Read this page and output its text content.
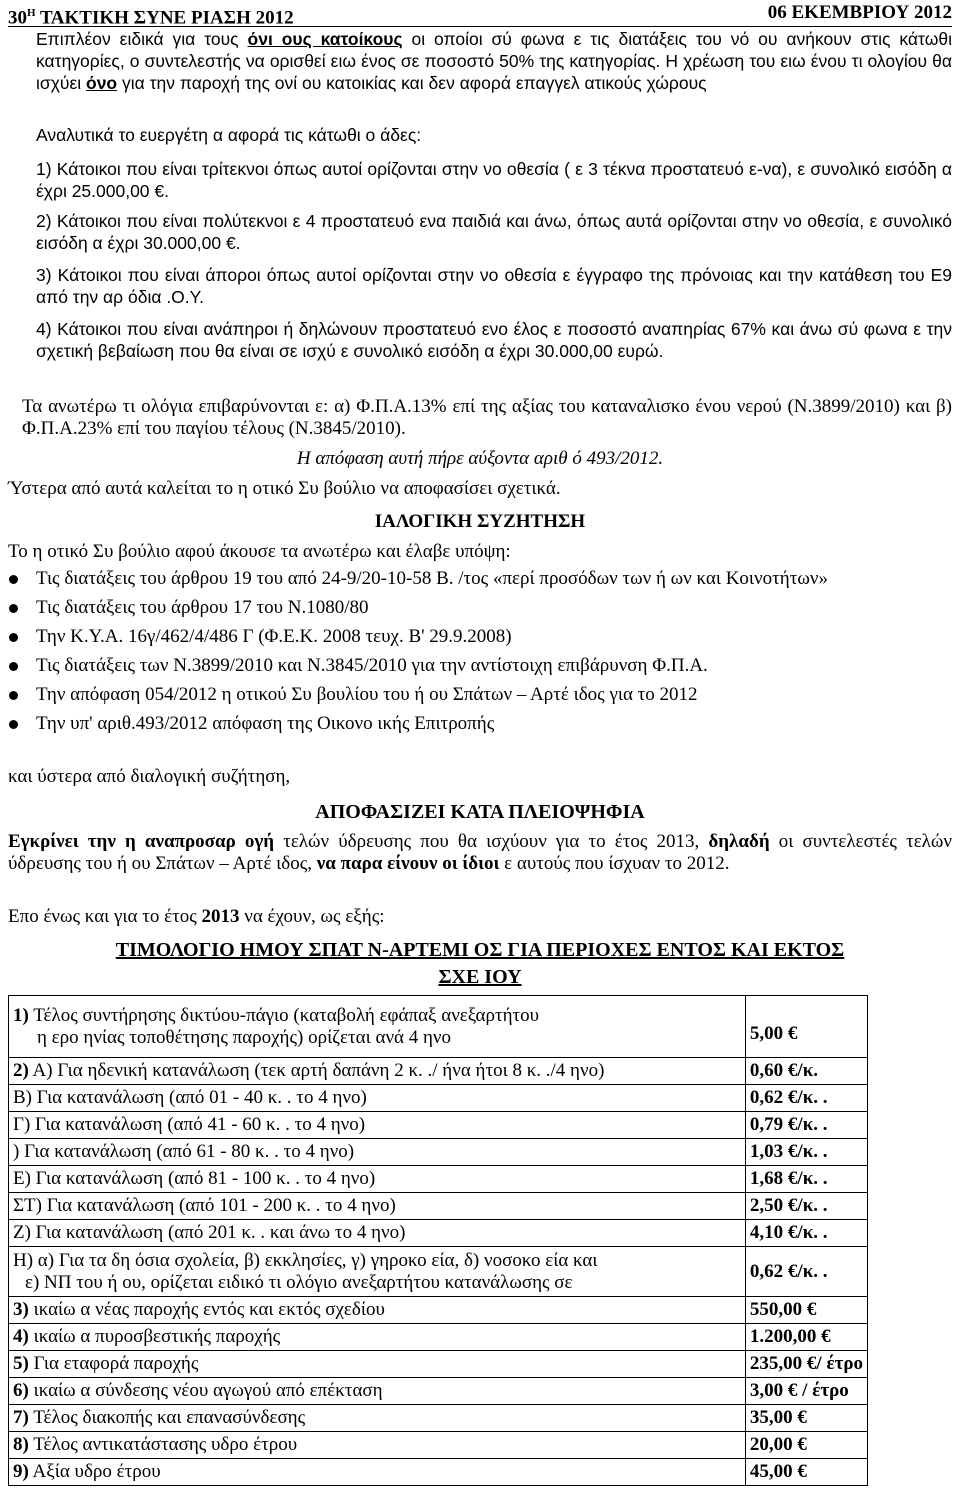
$30^H$ ΤΑΚΤΙΚΗ ΣΥΝΕ ΡΙΑΣΗ 2012	06 ΕΚΕΜΒΡΙΟΥ 2012
Επιπλέον ειδικά για τους όνι ους κατοίκους οι οποίοι σύ φωνα ε τις διατάξεις του νό ου ανήκουν στις κάτωθι κατηγορίες, ο συντελεστής να ορισθεί ειω ένος σε ποσοστό 50% της κατηγορίας. Η χρέωση του ειω ένου τι ολογίου θα ισχύει όνο για την παροχή της ονί ου κατοικίας και δεν αφορά επαγγελ ατικούς χώρους
Αναλυτικά το ευεργέτη α αφορά τις κάτωθι ο άδες:
1) Κάτοικοι που είναι τρίτεκνοι όπως αυτοί ορίζονται στην νο οθεσία ( ε 3 τέκνα προστατευό ε-να), ε συνολικό εισόδη α έχρι 25.000,00 €.
2) Κάτοικοι που είναι πολύτεκνοι ε 4 προστατευό ενα παιδιά και άνω, όπως αυτά ορίζονται στην νο οθεσία, ε συνολικό εισόδη α έχρι 30.000,00 €.
3) Κάτοικοι που είναι άποροι όπως αυτοί ορίζονται στην νο οθεσία ε έγγραφο της πρόνοιας και την κατάθεση του Ε9 από την αρ όδια .Ο.Υ.
4) Κάτοικοι που είναι ανάπηροι ή δηλώνουν προστατευό ενο έλος ε ποσοστό αναπηρίας 67% και άνω σύ φωνα ε την σχετική βεβαίωση που θα είναι σε ισχύ ε συνολικό εισόδη α έχρι 30.000,00 ευρώ.
Τα ανωτέρω τι ολόγια επιβαρύνονται ε: α) Φ.Π.Α.13% επί της αξίας του καταναλισκο ένου νερού (Ν.3899/2010) και β) Φ.Π.Α.23% επί του παγίου τέλους (Ν.3845/2010).
Η απόφαση αυτή πήρε αύξοντα αριθ ό 493/2012.
Ύστερα από αυτά καλείται το η οτικό Συ βούλιο να αποφασίσει σχετικά.
ΙΑΛΟΓΙΚΗ ΣΥΖΗΤΗΣΗ
Το η οτικό Συ βούλιο αφού άκουσε τα ανωτέρω και έλαβε υπόψη:
Τις διατάξεις του άρθρου 19 του από 24-9/20-10-58 Β. /τος «περί προσόδων των ή ων και Κοινοτήτων»
Τις διατάξεις του άρθρου 17 του Ν.1080/80
Την Κ.Υ.Α. 16γ/462/4/486 Γ (Φ.Ε.Κ. 2008 τευχ. Β' 29.9.2008)
Τις διατάξεις των Ν.3899/2010 και Ν.3845/2010 για την αντίστοιχη επιβάρυνση Φ.Π.Α.
Την απόφαση 054/2012 η οτικού Συ βουλίου του ή ου Σπάτων – Αρτέ ιδος για το 2012
Την υπ' αριθ.493/2012 απόφαση της Οικονο ικής Επιτροπής
και ύστερα από διαλογική συζήτηση,
ΑΠΟΦΑΣΙΖΕΙ ΚΑΤΑ ΠΛΕΙΟΨΗΦΙΑ
Εγκρίνει την η αναπροσαρ ογή τελών ύδρευσης που θα ισχύουν για το έτος 2013, δηλαδή οι συντελεστές τελών ύδρευσης του ή ου Σπάτων – Αρτέ ιδος, να παρα είνουν οι ίδιοι ε αυτούς που ίσχυαν το 2012.
Επο ένως και για το έτος 2013 να έχουν, ως εξής:
ΤΙΜΟΛΟΓΙΟ ΗΜΟΥ ΣΠΑΤ Ν-ΑΡΤΕΜΙ ΟΣ ΓΙΑ ΠΕΡΙΟΧΕΣ ΕΝΤΟΣ ΚΑΙ ΕΚΤΟΣ
ΣΧΕ ΙΟΥ
1) Τέλος συντήρησης δικτύου-πάγιο (καταβολή εφάπαξ ανεξαρτήτου
η ερο ηνίας τοποθέτησης παροχής) ορίζεται ανά 4 ηνο	5,00 €
2) Α) Για ηδενική κατανάλωση (τεκ αρτή δαπάνη 2 κ. ./ ήνα ήτοι 8 κ. ./4 ηνο)	0,60 €/κ.
Β) Για κατανάλωση (από 01 - 40 κ. . το 4 ηνο)	0,62 €/κ. .
Γ) Για κατανάλωση (από 41 - 60 κ. . το 4 ηνο)	0,79 €/κ. .
) Για κατανάλωση (από 61 - 80 κ. . το 4 ηνο)	1,03 €/κ. .
Ε) Για κατανάλωση (από 81 - 100 κ. . το 4 ηνο)	1,68 €/κ. .
ΣΤ) Για κατανάλωση (από 101 - 200 κ. . το 4 ηνο)	2,50 €/κ. .
Ζ) Για κατανάλωση (από 201 κ. . και άνω το 4 ηνο)	4,10 €/κ. .
Η) α) Για τα δη όσια σχολεία, β) εκκλησίες, γ) γηροκο εία, δ) νοσοκο εία και
ε) ΝΠ του ή ου, ορίζεται ειδικό τι ολόγιο ανεξαρτήτου κατανάλωσης σε	0,62 €/κ. .
3) ικαίω α νέας παροχής εντός και εκτός σχεδίου	550,00 €
4) ικαίω α πυροσβεστικής παροχής	1.200,00 €
5) Για εταφορά παροχής	235,00 €/ έτρο
6) ικαίω α σύνδεσης νέου αγωγού από επέκταση	3,00 € / έτρο
7) Τέλος διακοπής και επανασύνδεσης	35,00 €
8) Τέλος αντικατάστασης υδρο έτρου	20,00 €
9) Αξία υδρο έτρου	45,00 €
